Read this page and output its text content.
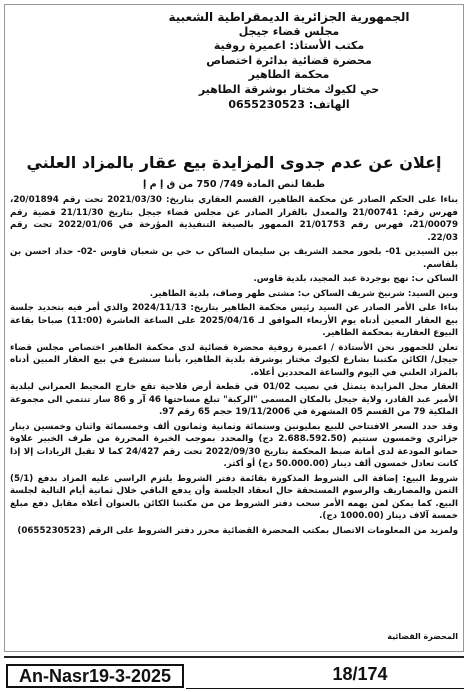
الجمهورية الجزائرية الديمقراطية الشعبية
مجلس قضاء جيجل
مكتب الأستاذ: اعميرة روفية
محضرة قضائية بدائرة اختصاص
محكمة الطاهير
حي لكيوك مختار بوشرقة الطاهير
الهاتف: 0655230523
إعلان عن عدم جدوى المزايدة بيع عقار بالمزاد العلني
طبقا لنص المادة 749/ 750 من ق إ م إ

بناءا على الحكم الصادر عن محكمة الطاهير، القسم العقاري بتاريخ: 2021/03/30 تحت رقم 20/01894، فهرس رقم: 21/00741 والمعدل بالقرار الصادر عن مجلس قضاء جيجل بتاريخ 21/11/30 قضية رقم 21/00079، فهرس رقم 21/01753 الممهور بالصيغة التنفيذية المؤرخة في 2022/01/06 تحت رقم 22/03.

بين السيدين 01- بلحور محمد الشريف بن سليمان الساكن ب حي بن شعبان قاوس -02- حداد احسن بن بلقاسم.

الساكن ب: نهج بوجردة عبد المجيد، بلدية قاوس.

وبين السيد: شرنيخ شريف الساكن ب: مشتى طهر وصاف، بلدية الطاهير.

بناءا على الأمر الصادر عن السيد رئيس محكمة الطاهير بتاريخ: 2024/11/13 والذي أمر فيه بتحديد جلسة بيع العقار المعين أدناه يوم الأربعاء الموافق لـ 2025/04/16 على الساعة العاشرة (11:00) صباحا بقاعة البيوع العقارية بمحكمة الطاهير.

تعلن للجمهور نحن الأستاذة / اعميرة روفية محضرة قضائية لدى محكمة الطاهير اختصاص مجلس قضاء جيجل/ الكائن مكتبنا بشارع لكيوك مختار بوشرقة بلدية الطاهير، بأننا سنشرع في بيع العقار المبين أدناه بالمزاد العلني في اليوم والساعة المحددين أعلاه.

العقار محل المزايدة يتمثل في نصيب 01/02 في قطعة أرض فلاحية تقع خارج المحيط العمراني لبلدية الأمير عبد القادر، ولاية جيجل بالمكان المسمى "الركبة" تبلغ مساحتها 46 آر و 86 سار تنتمي الى مجموعة الملكية 79 من القسم 05 المشهرة في 19/11/2006 حجم 65 رقم 97.

وقد حدد السعر الافتتاحي للبيع بمليونين وستمائة وثمانية وثمانون ألف وخمسمائة واثنان وخمسين دينار جزائري وخمسون سنتيم (2.688.592.50 دج) والمحدد بموجب الخبرة المحررة من طرف الخبير علاوة حمانو المودعة لدى أمانة ضبط المحكمة بتاريخ 2022/09/30 تحت رقم 24/427 كما لا تقبل الزيادات إلا إذا كانت تعادل خمسون ألف دينار (50.000.00 دج) أو أكثر.

شروط البيع: إضافة الى الشروط المذكورة بقائمة دفتر الشروط يلتزم الراسي عليه المزاد بدفع (5/1) الثمن والمصاريف والرسوم المستحقة حال انعقاد الجلسة وأن يدفع الباقي خلال ثمانية أيام التالية لجلسة البيع. كما يمكن لمن يهمه الأمر سحب دفتر الشروط من من مكتبنا الكائن بالعنوان أعلاه مقابل دفع مبلغ خمسة آلاف دينار (1000.00 دج).

ولمزيد من المعلومات الاتصال بمكتب المحضرة القضائية محرر دفتر الشروط على الرقم (0655230523)

المحضرة القضائية
An-Nasr19-3-2025	18/174
